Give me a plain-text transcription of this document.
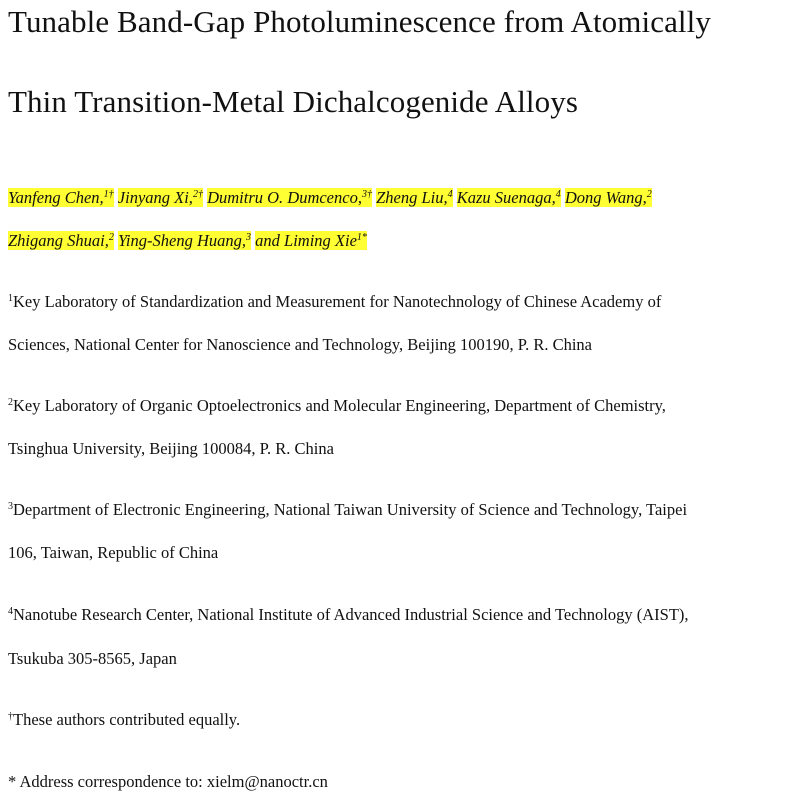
Tunable Band-Gap Photoluminescence from Atomically
Thin Transition-Metal Dichalcogenide Alloys
Yanfeng Chen,$^{1\dagger}$ Jinyang Xi,$^{2\dagger}$ Dumitru O. Dumcenco,$^{3\dagger}$ Zheng Liu,$^4$ Kazu Suenaga,$^4$ Dong Wang,$^2$
Zhigang Shuai,$^2$ Ying-Sheng Huang,$^3$ and Liming Xie$^{1*}$
$^1$Key Laboratory of Standardization and Measurement for Nanotechnology of Chinese Academy of
Sciences, National Center for Nanoscience and Technology, Beijing 100190, P. R. China
$^2$Key Laboratory of Organic Optoelectronics and Molecular Engineering, Department of Chemistry,
Tsinghua University, Beijing 100084, P. R. China
$^3$Department of Electronic Engineering, National Taiwan University of Science and Technology, Taipei
106, Taiwan, Republic of China
$^4$Nanotube Research Center, National Institute of Advanced Industrial Science and Technology (AIST),
Tsukuba 305-8565, Japan
†These authors contributed equally.
* Address correspondence to: xielm@nanoctr.cn
